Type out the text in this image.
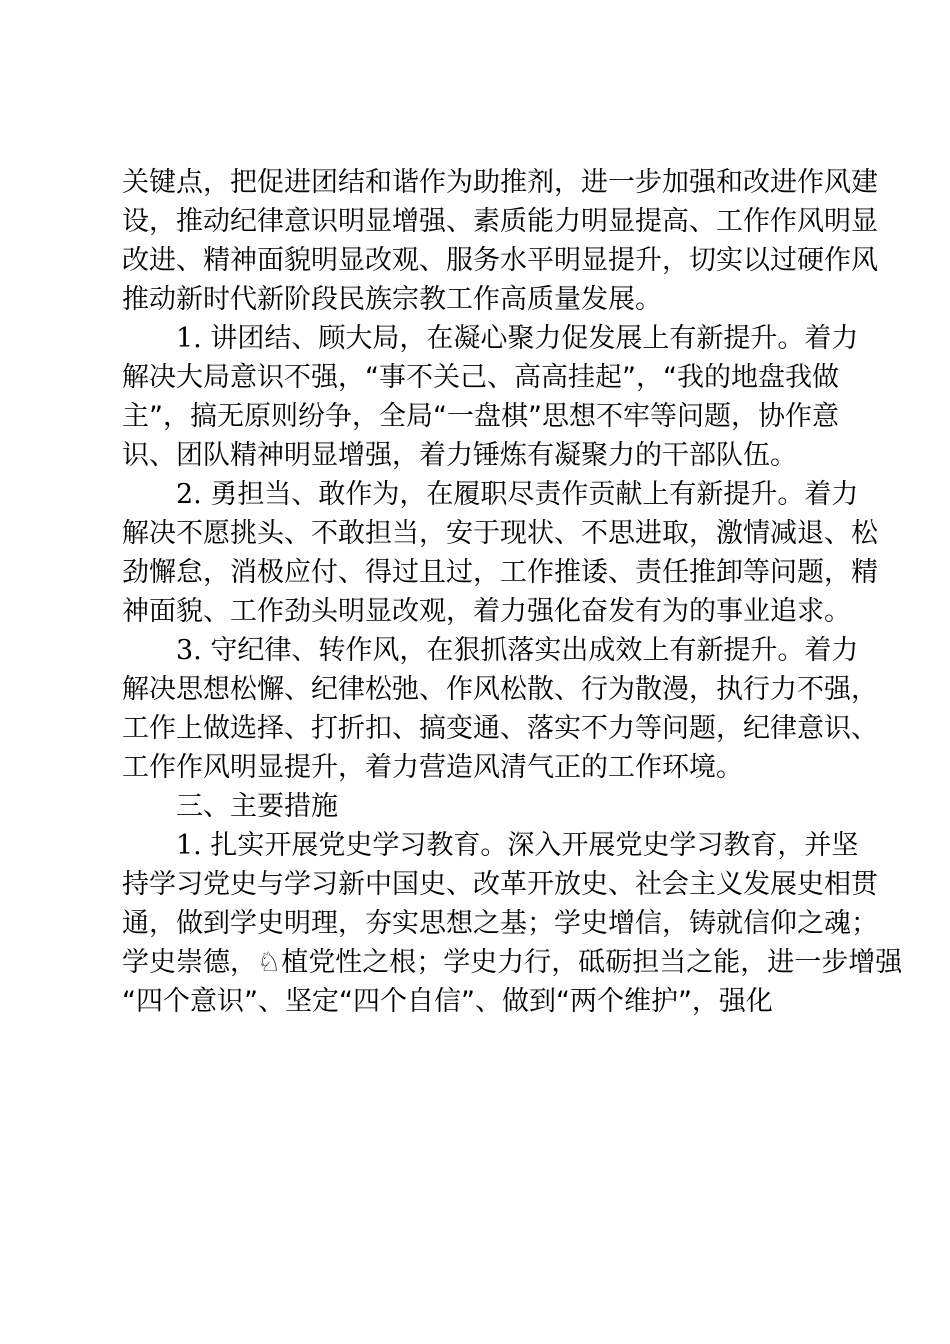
关键点，把促进团结和谐作为助推剂，进一步加强和改进作风建
设，推动纪律意识明显增强、素质能力明显提高、工作作风明显
改进、精神面貌明显改观、服务水平明显提升，切实以过硬作风
推动新时代新阶段民族宗教工作高质量发展。
1. 讲团结、顾大局，在凝心聚力促发展上有新提升。着力
解决大局意识不强，“事不关己、高高挂起”，“我的地盘我做
主”，搞无原则纷争，全局“一盘棋”思想不牢等问题，协作意
识、团队精神明显增强，着力锤炼有凝聚力的干部队伍。
2. 勇担当、敢作为，在履职尽责作贡献上有新提升。着力
解决不愿挑头、不敢担当，安于现状、不思进取，激情减退、松
劲懈怠，消极应付、得过且过，工作推诿、责任推卸等问题，精
神面貌、工作劲头明显改观，着力强化奋发有为的事业追求。
3. 守纪律、转作风，在狠抓落实出成效上有新提升。着力
解决思想松懈、纪律松弛、作风松散、行为散漫，执行力不强，
工作上做选择、打折扣、搞变通、落实不力等问题，纪律意识、
工作作风明显提升，着力营造风清气正的工作环境。
三、主要措施
1. 扎实开展党史学习教育。深入开展党史学习教育，并坚
持学习党史与学习新中国史、改革开放史、社会主义发展史相贯
通，做到学史明理，夯实思想之基；学史增信，铸就信仰之魂；
学史崇德，♘植党性之根；学史力行，砥砺担当之能，进一步增强
“四个意识”、坚定“四个自信”、做到“两个维护”，强化
